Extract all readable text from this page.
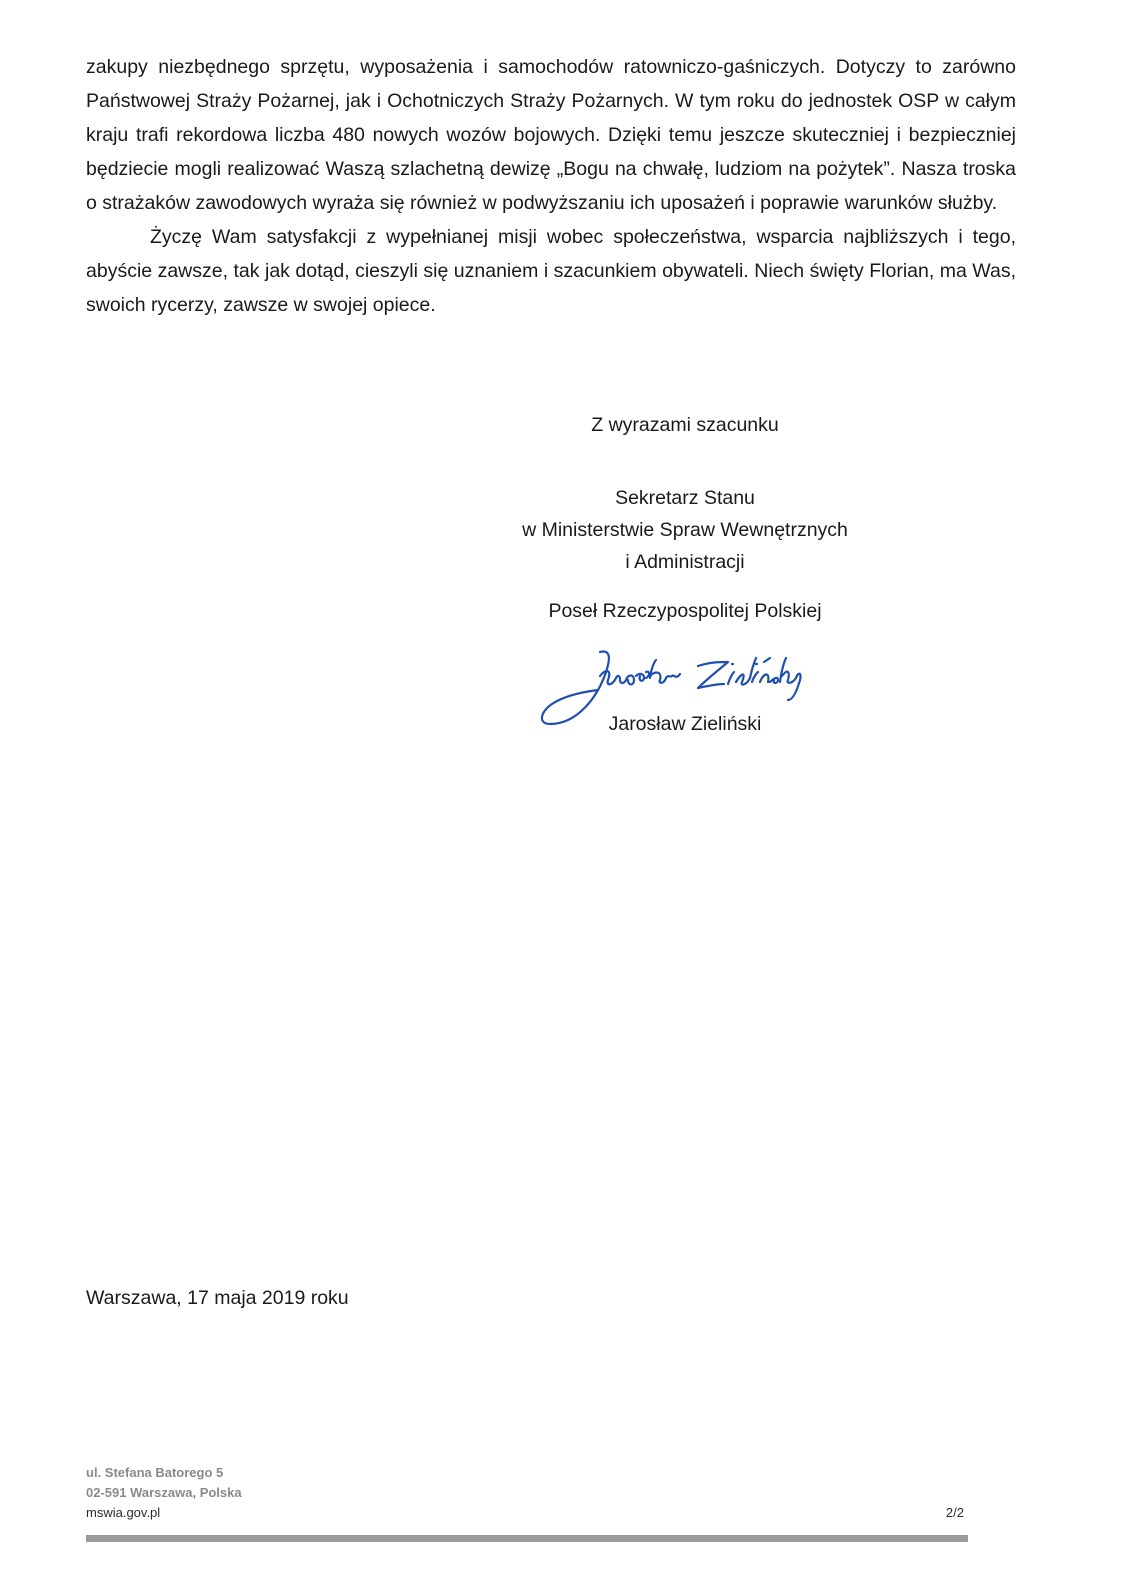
zakupy niezbędnego sprzętu, wyposażenia i samochodów ratowniczo-gaśniczych. Dotyczy to zarówno Państwowej Straży Pożarnej, jak i Ochotniczych Straży Pożarnych. W tym roku do jednostek OSP w całym kraju trafi rekordowa liczba 480 nowych wozów bojowych. Dzięki temu jeszcze skuteczniej i bezpieczniej będziecie mogli realizować Waszą szlachetną dewizę „Bogu na chwałę, ludziom na pożytek”. Nasza troska o strażaków zawodowych wyraża się również w podwyższaniu ich uposażeń i poprawie warunków służby.

Życzę Wam satysfakcji z wypełnianej misji wobec społeczeństwa, wsparcia najbliższych i tego, abyście zawsze, tak jak dotąd, cieszyli się uznaniem i szacunkiem obywateli. Niech święty Florian, ma Was, swoich rycerzy, zawsze w swojej opiece.

Z wyrazami szacunku
Sekretarz Stanu
w Ministerstwie Spraw Wewnętrznych
i Administracji
Poseł Rzeczypospolitej Polskiej
Jarosław Zieliński
Warszawa, 17 maja 2019 roku
ul. Stefana Batorego 5
02-591 Warszawa, Polska
mswia.gov.pl	2/2
